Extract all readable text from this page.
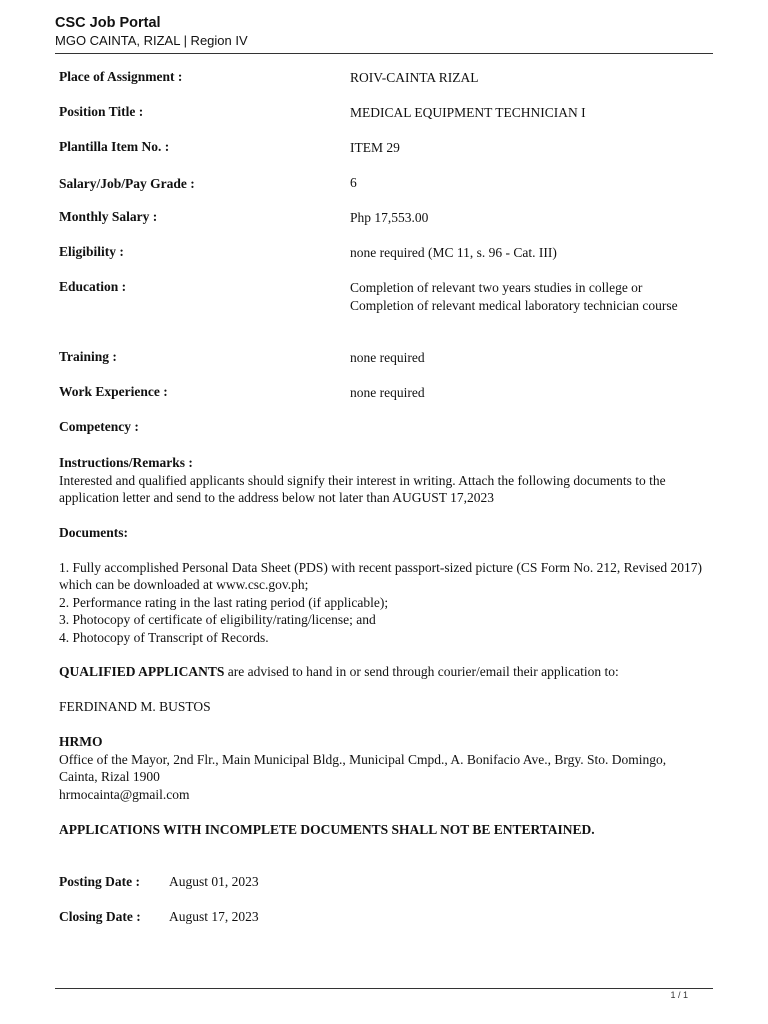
CSC Job Portal
MGO CAINTA, RIZAL | Region IV
Place of Assignment :	ROIV-CAINTA RIZAL
Position Title :	MEDICAL EQUIPMENT TECHNICIAN I
Plantilla Item No. :	ITEM 29
Salary/Job/Pay Grade :	6
Monthly Salary :	Php 17,553.00
Eligibility :	none required (MC 11, s. 96 - Cat. III)
Education :	Completion of relevant two years studies in college or Completion of relevant medical laboratory technician course
Training :	none required
Work Experience :	none required
Competency :
Instructions/Remarks :
Interested and qualified applicants should signify their interest in writing. Attach the following documents to the application letter and send to the address below not later than AUGUST 17,2023
Documents:
1. Fully accomplished Personal Data Sheet (PDS) with recent passport-sized picture (CS Form No. 212, Revised 2017) which can be downloaded at www.csc.gov.ph;
2. Performance rating in the last rating period (if applicable);
3. Photocopy of certificate of eligibility/rating/license; and
4. Photocopy of Transcript of Records.
QUALIFIED APPLICANTS are advised to hand in or send through courier/email their application to:
FERDINAND M. BUSTOS
HRMO
Office of the Mayor, 2nd Flr., Main Municipal Bldg., Municipal Cmpd., A. Bonifacio Ave., Brgy. Sto. Domingo, Cainta, Rizal 1900
hrmocainta@gmail.com
APPLICATIONS WITH INCOMPLETE DOCUMENTS SHALL NOT BE ENTERTAINED.
Posting Date : August 01, 2023
Closing Date : August 17, 2023
1 / 1
